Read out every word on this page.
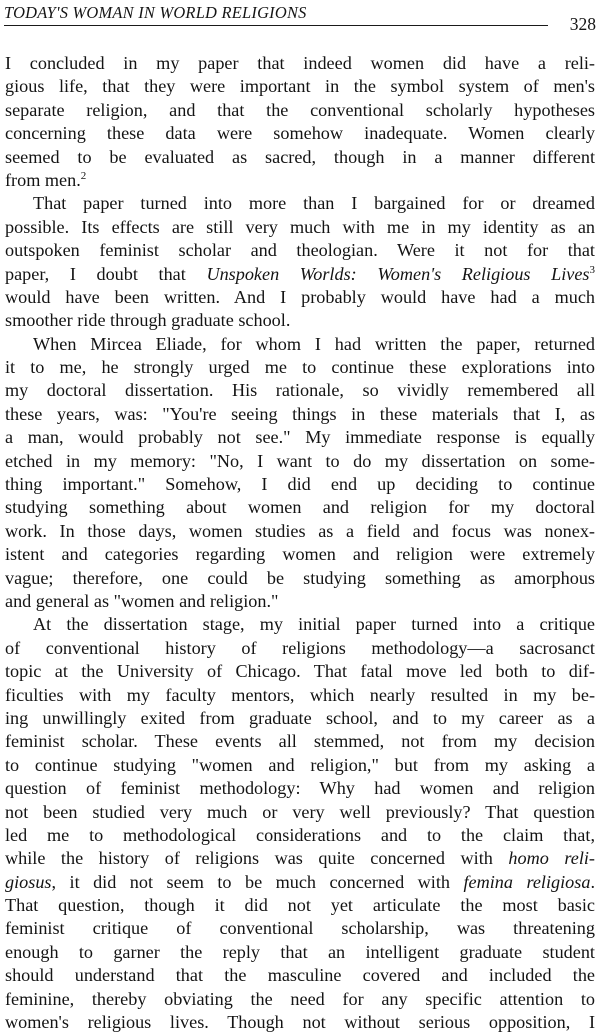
TODAY'S WOMAN IN WORLD RELIGIONS
328
I concluded in my paper that indeed women did have a reli-
gious life, that they were important in the symbol system of men's
separate religion, and that the conventional scholarly hypotheses
concerning these data were somehow inadequate. Women clearly
seemed to be evaluated as sacred, though in a manner different
from men.$^2$
That paper turned into more than I bargained for or dreamed
possible. Its effects are still very much with me in my identity as an
outspoken feminist scholar and theologian. Were it not for that
paper, I doubt that Unspoken Worlds: Women's Religious Lives$^3$
would have been written. And I probably would have had a much
smoother ride through graduate school.
When Mircea Eliade, for whom I had written the paper, returned
it to me, he strongly urged me to continue these explorations into
my doctoral dissertation. His rationale, so vividly remembered all
these years, was: "You're seeing things in these materials that I, as
a man, would probably not see." My immediate response is equally
etched in my memory: "No, I want to do my dissertation on some-
thing important." Somehow, I did end up deciding to continue
studying something about women and religion for my doctoral
work. In those days, women studies as a field and focus was nonex-
istent and categories regarding women and religion were extremely
vague; therefore, one could be studying something as amorphous
and general as "women and religion."
At the dissertation stage, my initial paper turned into a critique
of conventional history of religions methodology—a sacrosanct
topic at the University of Chicago. That fatal move led both to dif-
ficulties with my faculty mentors, which nearly resulted in my be-
ing unwillingly exited from graduate school, and to my career as a
feminist scholar. These events all stemmed, not from my decision
to continue studying "women and religion," but from my asking a
question of feminist methodology: Why had women and religion
not been studied very much or very well previously? That question
led me to methodological considerations and to the claim that,
while the history of religions was quite concerned with homo reli-
giosus, it did not seem to be much concerned with femina religiosa.
That question, though it did not yet articulate the most basic
feminist critique of conventional scholarship, was threatening
enough to garner the reply that an intelligent graduate student
should understand that the masculine covered and included the
feminine, thereby obviating the need for any specific attention to
women's religious lives. Though not without serious opposition, I
